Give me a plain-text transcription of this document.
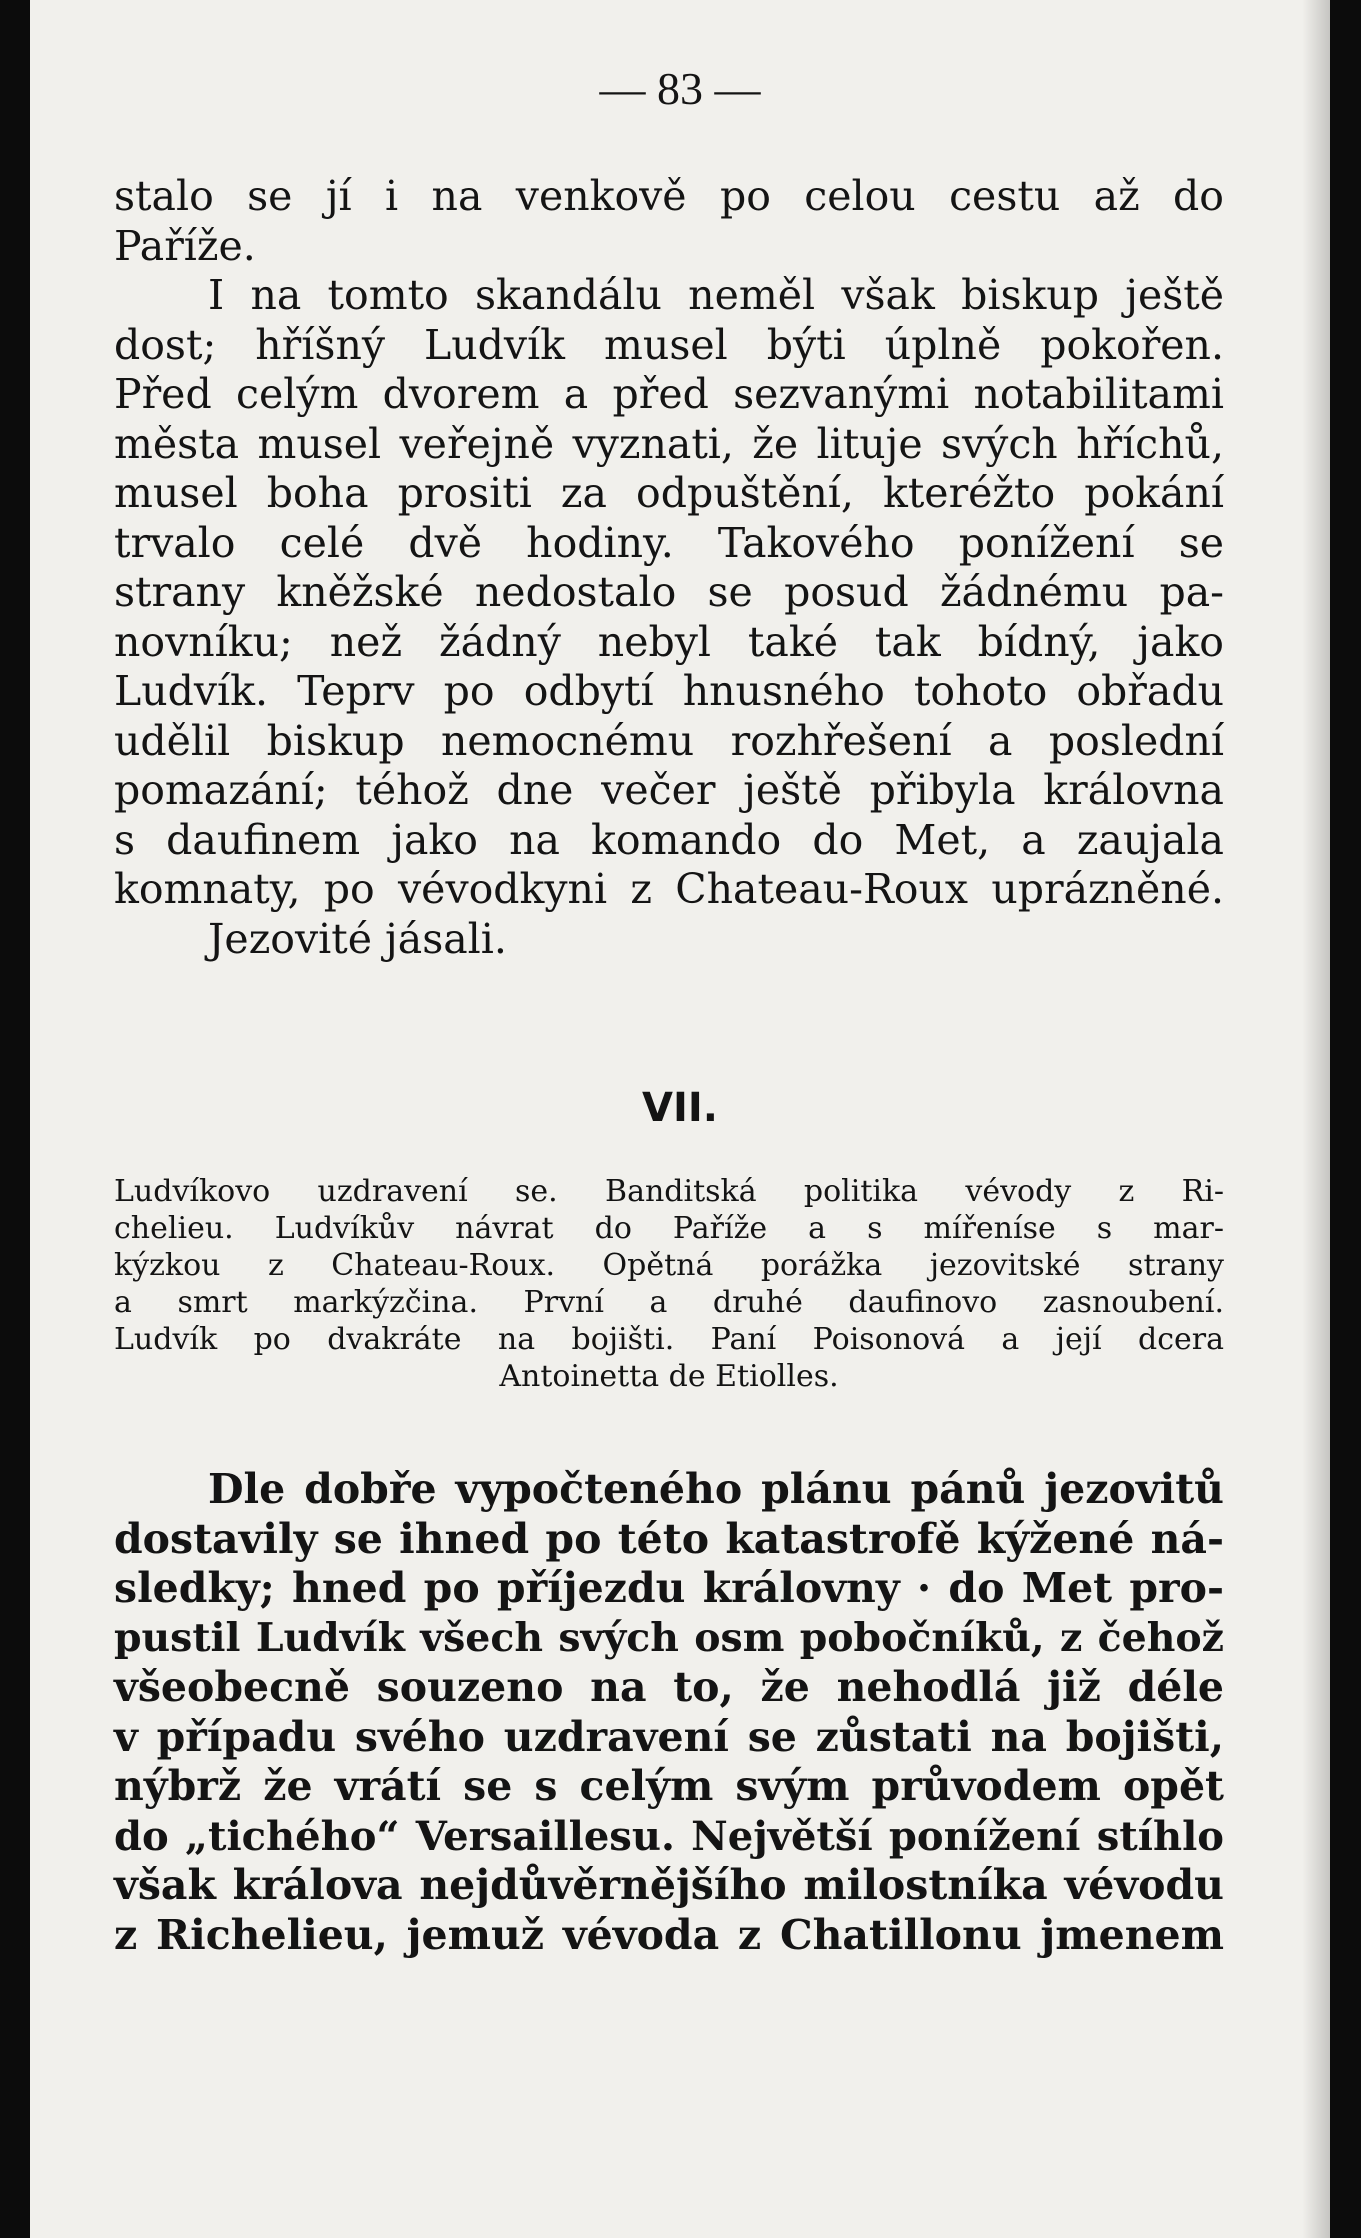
— 83 —

stalo se jí i na venkově po celou cestu až do
Paříže.
I na tomto skandálu neměl však biskup ještě
dost; hříšný Ludvík musel býti úplně pokořen.
Před celým dvorem a před sezvanými notabilitami
města musel veřejně vyznati, že lituje svých hříchů,
musel boha prositi za odpuštění, kteréžto pokání
trvalo celé dvě hodiny. Takového ponížení se
strany kněžské nedostalo se posud žádnému pa-
novníku; než žádný nebyl také tak bídný, jako
Ludvík. Teprv po odbytí hnusného tohoto obřadu
udělil biskup nemocnému rozhřešení a poslední
pomazání; téhož dne večer ještě přibyla královna
s daufinem jako na komando do Met, a zaujala
komnaty, po vévodkyni z Chateau-Roux uprázněné.
Jezovité jásali.

VII.

Ludvíkovo uzdravení se. Banditská politika vévody z Ri-
chelieu. Ludvíkův návrat do Paříže a s mířeníse s mar-
kýzkou z Chateau-Roux. Opětná porážka jezovitské strany
a smrt markýzčina. První a druhé daufinovo zasnoubení.
Ludvík po dvakráte na bojišti. Paní Poisonová a její dcera
Antoinetta de Etiolles.
Dle dobře vypočteného plánu pánů jezovitů
dostavily se ihned po této katastrofě kýžené ná-
sledky; hned po příjezdu královny · do Met pro-
pustil Ludvík všech svých osm pobočníků, z čehož
všeobecně souzeno na to, že nehodlá již déle
v případu svého uzdravení se zůstati na bojišti,
nýbrž že vrátí se s celým svým průvodem opět
do „tichého“ Versaillesu. Největší ponížení stíhlo
však králova nejdůvěrnějšího milostníka vévodu
z Richelieu, jemuž vévoda z Chatillonu jmenem
